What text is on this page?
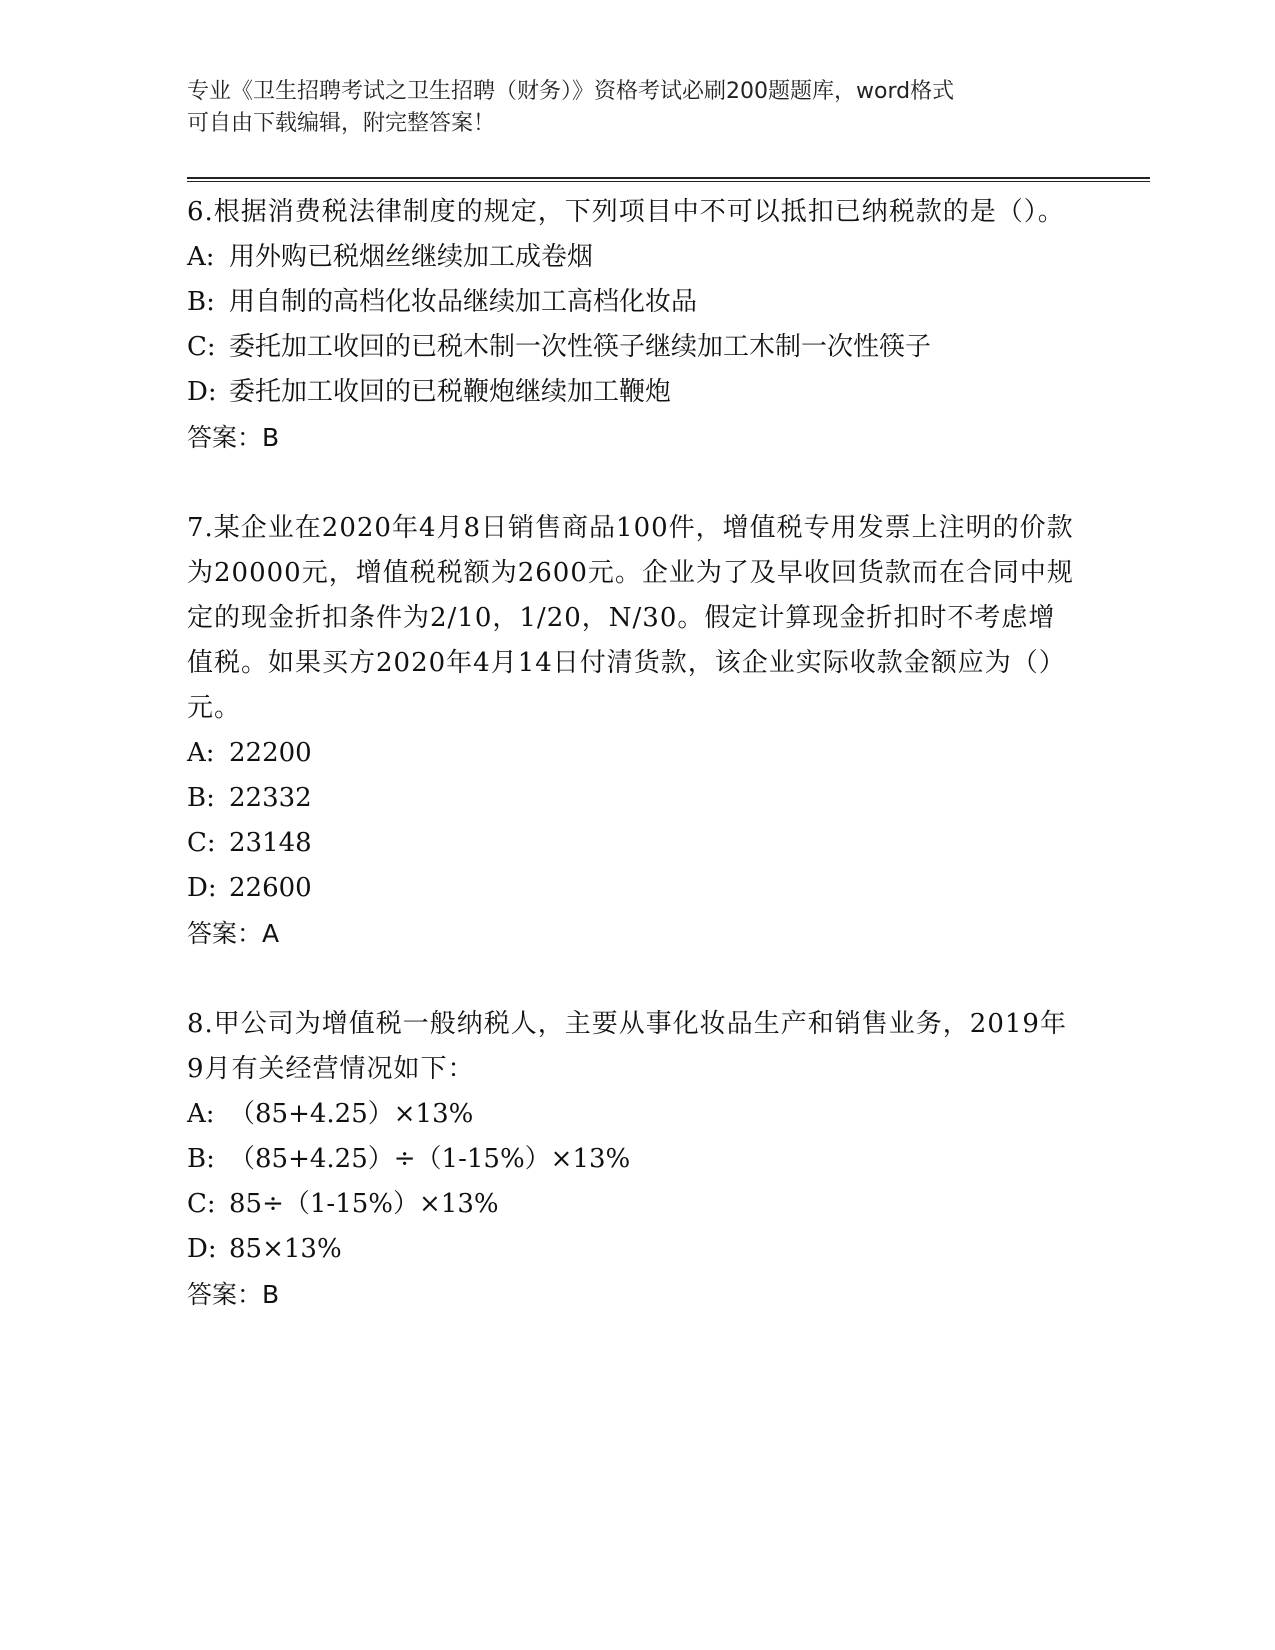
专业《卫生招聘考试之卫生招聘（财务）》资格考试必刷200题题库，word格式
可自由下载编辑，附完整答案！
6.根据消费税法律制度的规定，下列项目中不可以抵扣已纳税款的是（）。
A: 用外购已税烟丝继续加工成卷烟
B: 用自制的高档化妆品继续加工高档化妆品
C: 委托加工收回的已税木制一次性筷子继续加工木制一次性筷子
D: 委托加工收回的已税鞭炮继续加工鞭炮
答案：B
7.某企业在2020年4月8日销售商品100件，增值税专用发票上注明的价款为20000元，增值税税额为2600元。企业为了及早收回货款而在合同中规定的现金折扣条件为2/10，1/20，N/30。假定计算现金折扣时不考虑增值税。如果买方2020年4月14日付清货款，该企业实际收款金额应为（）元。
A: 22200
B: 22332
C: 23148
D: 22600
答案：A
8.甲公司为增值税一般纳税人，主要从事化妆品生产和销售业务，2019年9月有关经营情况如下：
A: （85+4.25）×13%
B: （85+4.25）÷（1-15%）×13%
C: 85÷（1-15%）×13%
D: 85×13%
答案：B
